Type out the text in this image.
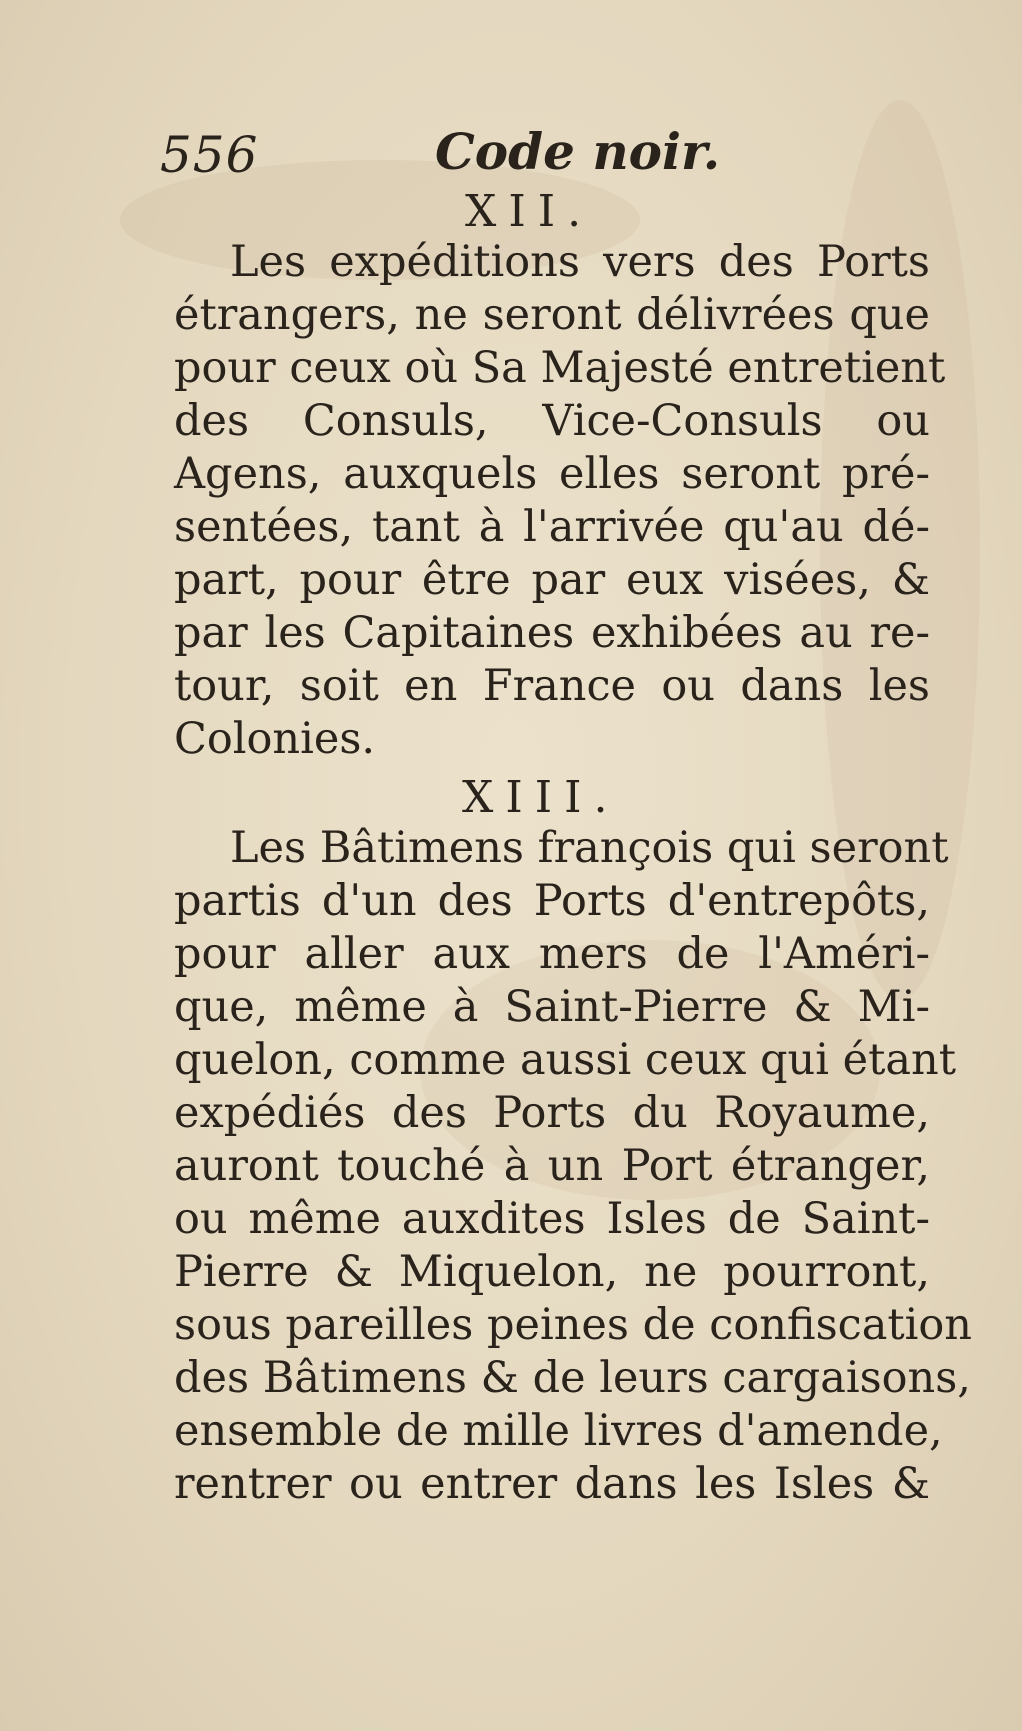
556	Code noir.
XII.

Les expéditions vers des Ports
étrangers, ne seront délivrées que
pour ceux où Sa Majesté entretient
des Consuls, Vice-Consuls ou
Agens, auxquels elles seront pré-
sentées, tant à l'arrivée qu'au dé-
part, pour être par eux visées, &
par les Capitaines exhibées au re-
tour, soit en France ou dans les
Colonies.

XIII.

Les Bâtimens françois qui seront
partis d'un des Ports d'entrepôts,
pour aller aux mers de l'Améri-
que, même à Saint-Pierre & Mi-
quelon, comme aussi ceux qui étant
expédiés des Ports du Royaume,
auront touché à un Port étranger,
ou même auxdites Isles de Saint-
Pierre & Miquelon, ne pourront,
sous pareilles peines de confiscation
des Bâtimens & de leurs cargaisons,
ensemble de mille livres d'amende,
rentrer ou entrer dans les Isles &
